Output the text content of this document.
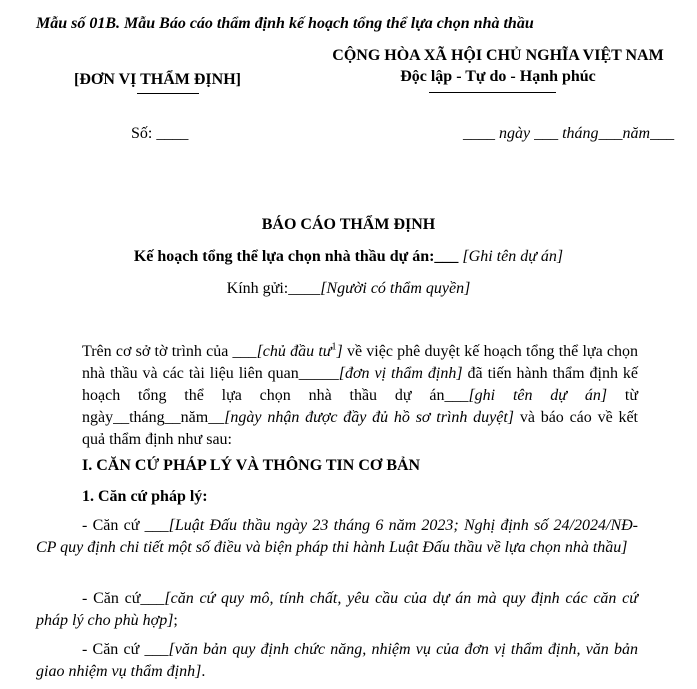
Mẫu số 01B. Mẫu Báo cáo thẩm định kế hoạch tổng thể lựa chọn nhà thầu
CỘNG HÒA XÃ HỘI CHỦ NGHĨA VIỆT NAM
Độc lập - Tự do - Hạnh phúc
[ĐƠN VỊ THẨM ĐỊNH]
Số: ____	____ ngày ___ tháng___năm___
BÁO CÁO THẨM ĐỊNH
Kế hoạch tổng thể lựa chọn nhà thầu dự án:___ [Ghi tên dự án]
Kính gửi:____[Người có thẩm quyền]
Trên cơ sở tờ trình của ___[chủ đầu $tư^1$] về việc phê duyệt kế hoạch tổng thể lựa chọn nhà thầu và các tài liệu liên quan_____[đơn vị thẩm định] đã tiến hành thẩm định kế hoạch tổng thể lựa chọn nhà thầu dự án___[ghi tên dự án] từ ngày__tháng__năm__[ngày nhận được đầy đủ hồ sơ trình duyệt] và báo cáo về kết quả thẩm định như sau:
I. CĂN CỨ PHÁP LÝ VÀ THÔNG TIN CƠ BẢN
1. Căn cứ pháp lý:
- Căn cứ ___[Luật Đấu thầu ngày 23 tháng 6 năm 2023; Nghị định số 24/2024/NĐ-CP quy định chi tiết một số điều và biện pháp thi hành Luật Đấu thầu về lựa chọn nhà thầu]
- Căn cứ___[căn cứ quy mô, tính chất, yêu cầu của dự án mà quy định các căn cứ pháp lý cho phù hợp];
- Căn cứ ___[văn bản quy định chức năng, nhiệm vụ của đơn vị thẩm định, văn bản giao nhiệm vụ thẩm định].
